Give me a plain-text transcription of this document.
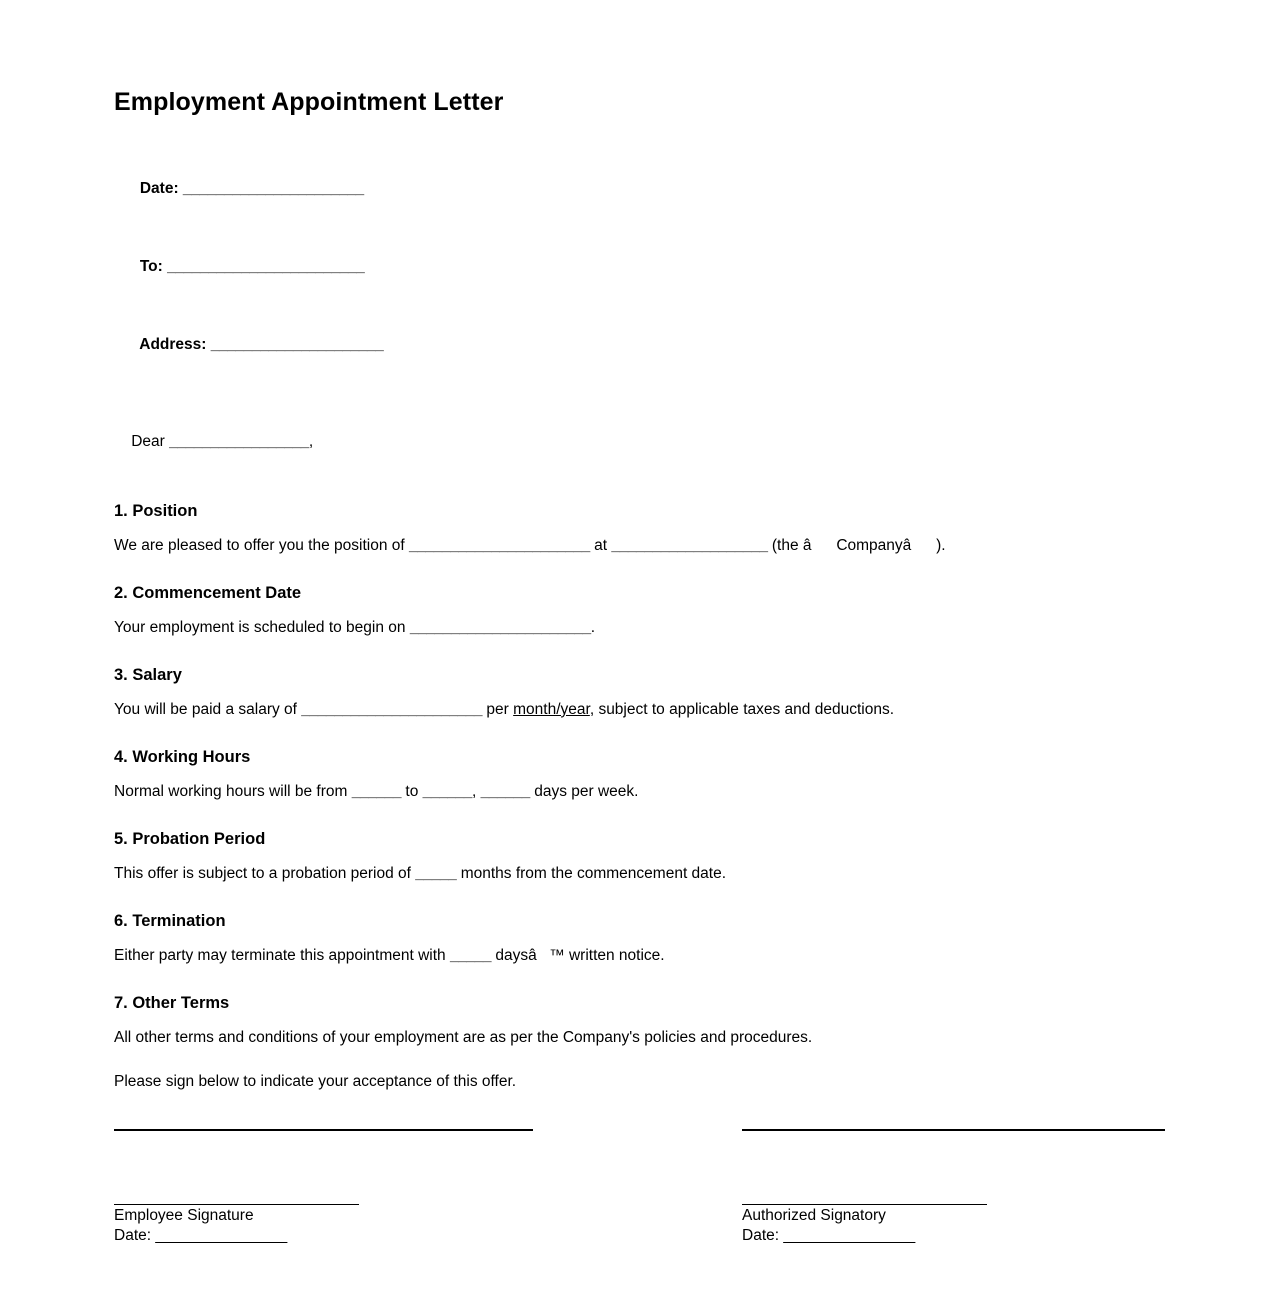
Employment Appointment Letter

Date: ______________________

To: ________________________

Address: _____________________

Dear _________________,

1. Position

We are pleased to offer you the position of ______________________ at ___________________ (the âCompanyâ).

2. Commencement Date

Your employment is scheduled to begin on ______________________.

3. Salary

You will be paid a salary of ______________________ per month/year, subject to applicable taxes and deductions.

4. Working Hours

Normal working hours will be from ______ to ______, ______ days per week.

5. Probation Period

This offer is subject to a probation period of _____ months from the commencement date.

6. Termination

Either party may terminate this appointment with _____ daysâ™ written notice.

7. Other Terms

All other terms and conditions of your employment are as per the Company's policies and procedures.

Please sign below to indicate your acceptance of this offer.

Employee Signature
Date: ________________
Authorized Signatory
Date: ________________
